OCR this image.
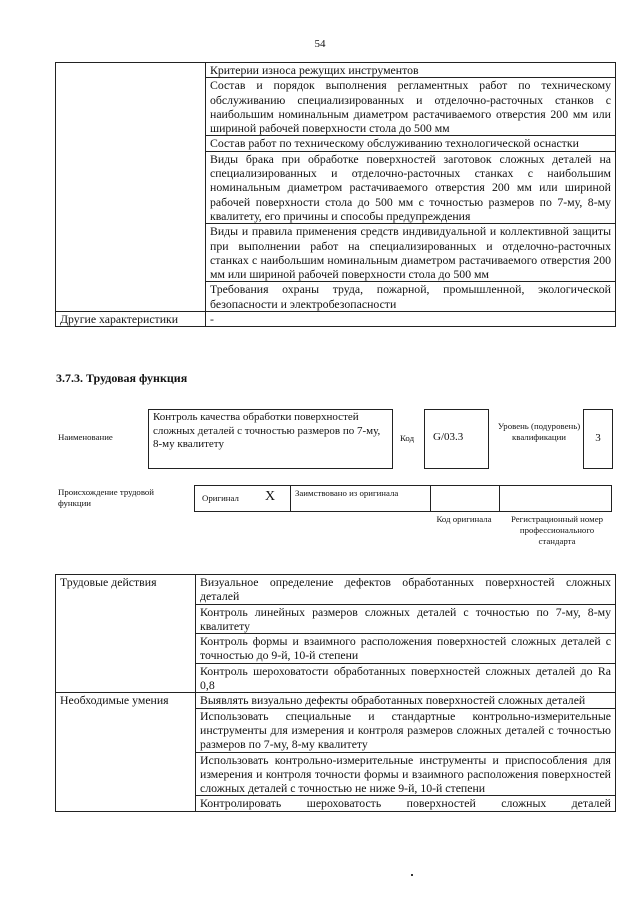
54
	Критерии износа режущих инструментов
	Состав и порядок выполнения регламентных работ по техническому обслуживанию специализированных и отделочно-расточных станков с наибольшим номинальным диаметром растачиваемого отверстия 200 мм или шириной рабочей поверхности стола до 500 мм
	Состав работ по техническому обслуживанию технологической оснастки
	Виды брака при обработке поверхностей заготовок сложных деталей на специализированных и отделочно-расточных станках с наибольшим номинальным диаметром растачиваемого отверстия 200 мм или шириной рабочей поверхности стола до 500 мм с точностью размеров по 7-му, 8-му квалитету, его причины и способы предупреждения
	Виды и правила применения средств индивидуальной и коллективной защиты при выполнении работ на специализированных и отделочно-расточных станках с наибольшим номинальным диаметром растачиваемого отверстия 200 мм или шириной рабочей поверхности стола до 500 мм
	Требования охраны труда, пожарной, промышленной, экологической безопасности и электробезопасности
Другие характеристики	-
3.7.3. Трудовая функция
Наименование
Контроль качества обработки поверхностей сложных деталей с точностью размеров по 7-му, 8-му квалитету	Код	G/03.3
Уровень (подуровень) квалификации	3
Происхождение трудовой функции	Оригинал X Заимствовано из оригинала
Код оригинала	Регистрационный номер профессионального стандарта
Трудовые действия	Визуальное определение дефектов обработанных поверхностей сложных деталей
	Контроль линейных размеров сложных деталей с точностью по 7-му, 8-му квалитету
	Контроль формы и взаимного расположения поверхностей сложных деталей с точностью до 9-й, 10-й степени
	Контроль шероховатости обработанных поверхностей сложных деталей до Ra 0,8
Необходимые умения	Выявлять визуально дефекты обработанных поверхностей сложных деталей
	Использовать специальные и стандартные контрольно-измерительные инструменты для измерения и контроля размеров сложных деталей с точностью размеров по 7-му, 8-му квалитету
	Использовать контрольно-измерительные инструменты и приспособления для измерения и контроля точности формы и взаимного расположения поверхностей сложных деталей с точностью не ниже 9-й, 10-й степени
	Контролировать шероховатость поверхностей сложных деталей
